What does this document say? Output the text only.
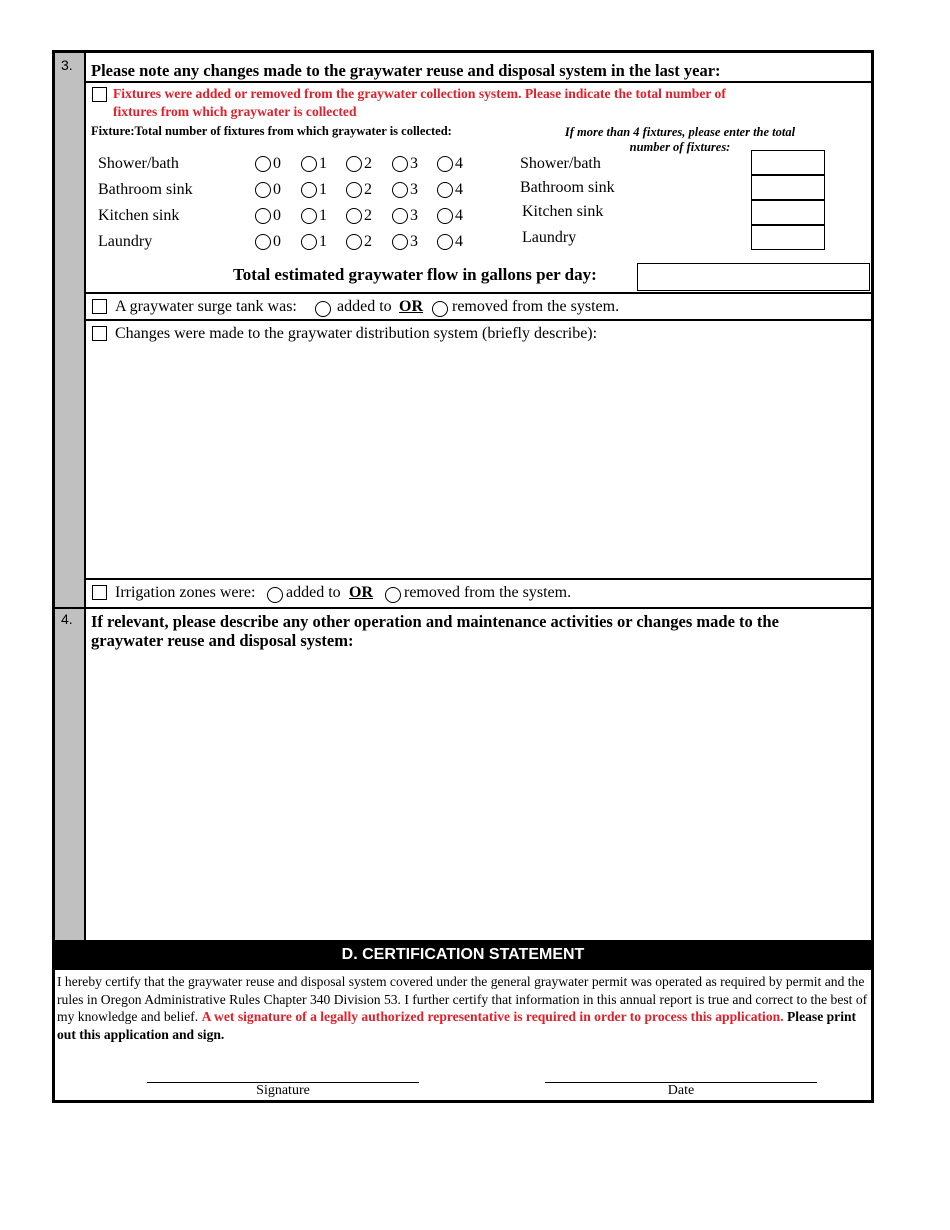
3. Please note any changes made to the graywater reuse and disposal system in the last year:
Fixtures were added or removed from the graywater collection system. Please indicate the total number of
fixtures from which graywater is collected
Fixture:Total number of fixtures from which graywater is collected:	If more than 4 fixtures, please enter the total
number of fixtures:
Shower/bath	0 1 2 3 4	Shower/bath
Bathroom sink	0 1 2 3 4	Bathroom sink
Kitchen sink	0 1 2 3 4	Kitchen sink
Laundry	0 1 2 3 4	Laundry
Total estimated graywater flow in gallons per day:
A graywater surge tank was:	added to OR removed from the system.
Changes were made to the graywater distribution system (briefly describe):
Irrigation zones were: added to OR removed from the system.
4. If relevant, please describe any other operation and maintenance activities or changes made to the
graywater reuse and disposal system:
D. CERTIFICATION STATEMENT
I hereby certify that the graywater reuse and disposal system covered under the general graywater permit was operated as required by permit and the rules in Oregon Administrative Rules Chapter 340 Division 53. I further certify that information in this annual report is true and correct to the best of my knowledge and belief. A wet signature of a legally authorized representative is required in order to process this application. Please print out this application and sign.
Signature	Date
